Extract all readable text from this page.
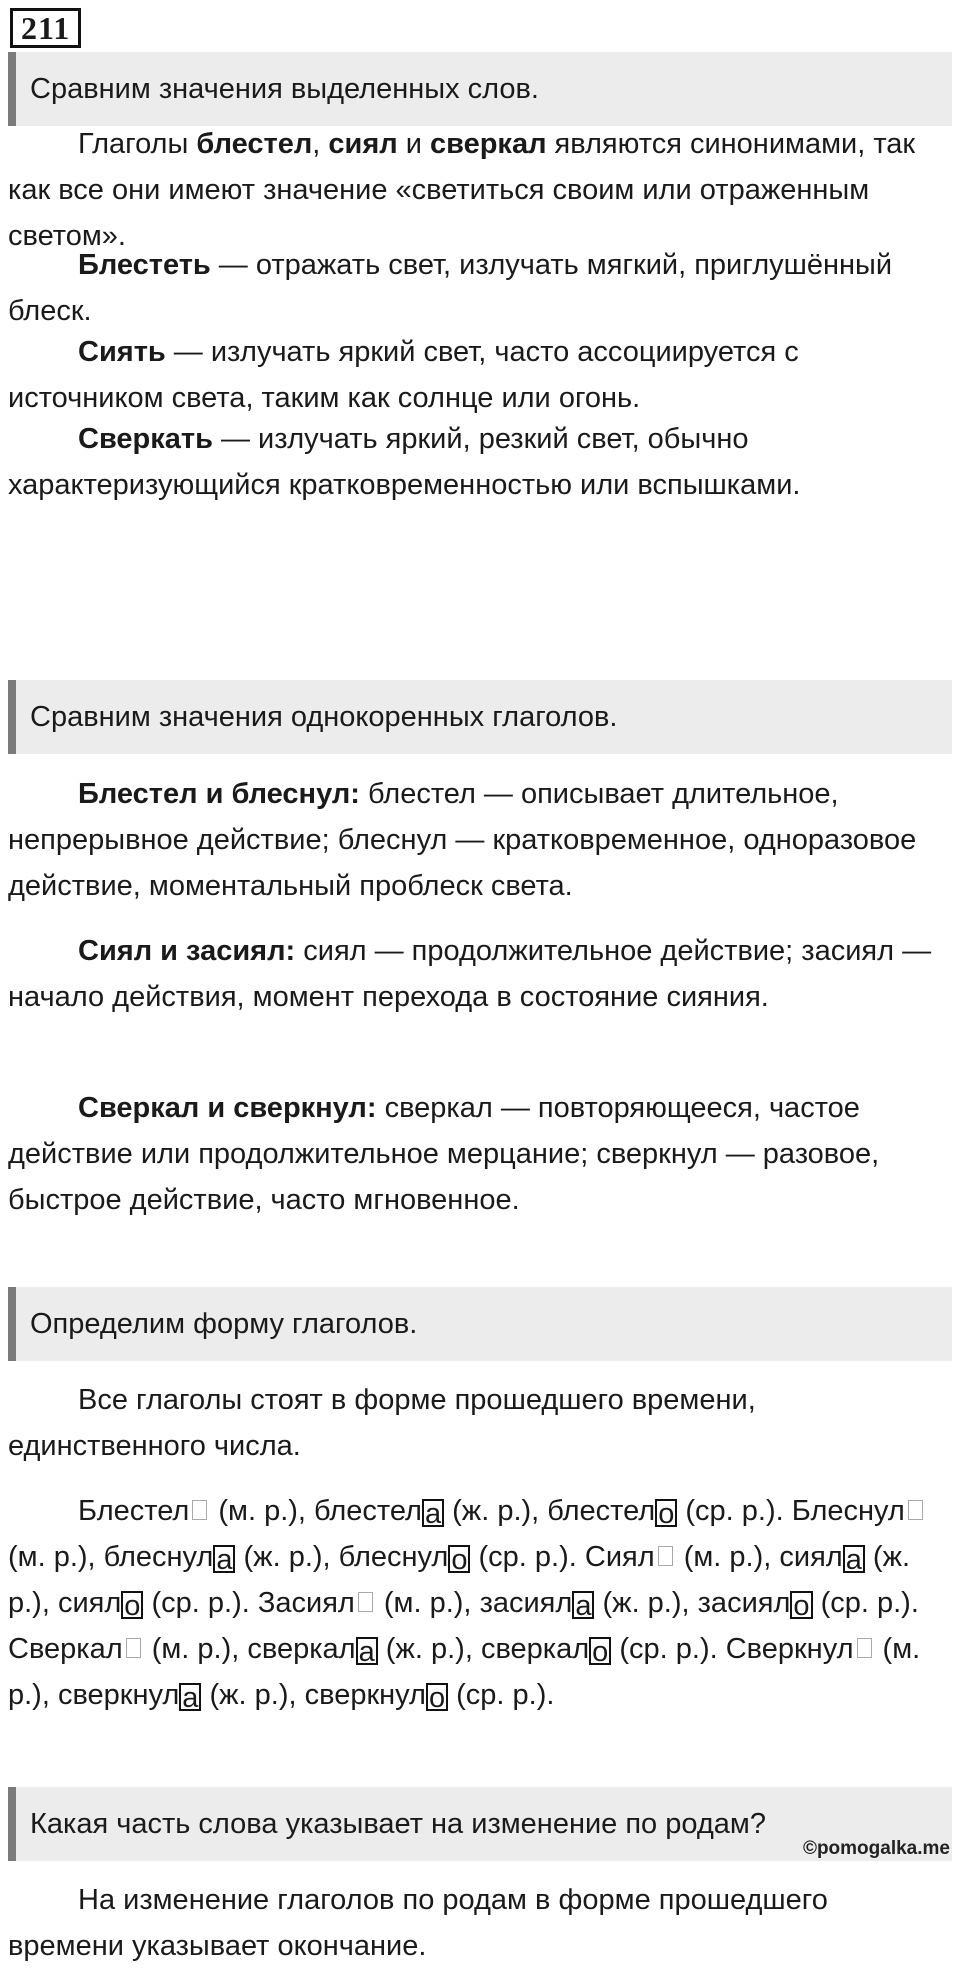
211
Сравним значения выделенных слов.

Глаголы блестел, сиял и сверкал являются синонимами, так как все они имеют значение «светиться своим или отраженным светом».

Блестеть — отражать свет, излучать мягкий, приглушённый блеск.

Сиять — излучать яркий свет, часто ассоциируется с источником света, таким как солнце или огонь.

Сверкать — излучать яркий, резкий свет, обычно характеризующийся кратковременностью или вспышками.

Сравним значения однокоренных глаголов.

Блестел и блеснул: блестел — описывает длительное, непрерывное действие; блеснул — кратковременное, одноразовое действие, моментальный проблеск света.

Сиял и засиял: сиял — продолжительное действие; засиял — начало действия, момент перехода в состояние сияния.

Сверкал и сверкнул: сверкал — повторяющееся, частое действие или продолжительное мерцание; сверкнул — разовое, быстрое действие, часто мгновенное.

Определим форму глаголов.

Все глаголы стоят в форме прошедшего времени, единственного числа.

Блестел (м. р.), блестел а (ж. р.), блестел о (ср. р.). Блеснул (м. р.), блеснул а (ж. р.), блеснул о (ср. р.). Сиял (м. р.), сиял а (ж. р.), сиял о (ср. р.). Засиял (м. р.), засиял а (ж. р.), засиял о (ср. р.). Сверкал (м. р.), сверкал а (ж. р.), сверкал о (ср. р.). Сверкнул (м. р.), сверкнул а (ж. р.), сверкнул о (ср. р.).

Какая часть слова указывает на изменение по родам?
©pomogalka.me

На изменение глаголов по родам в форме прошедшего времени указывает окончание.
